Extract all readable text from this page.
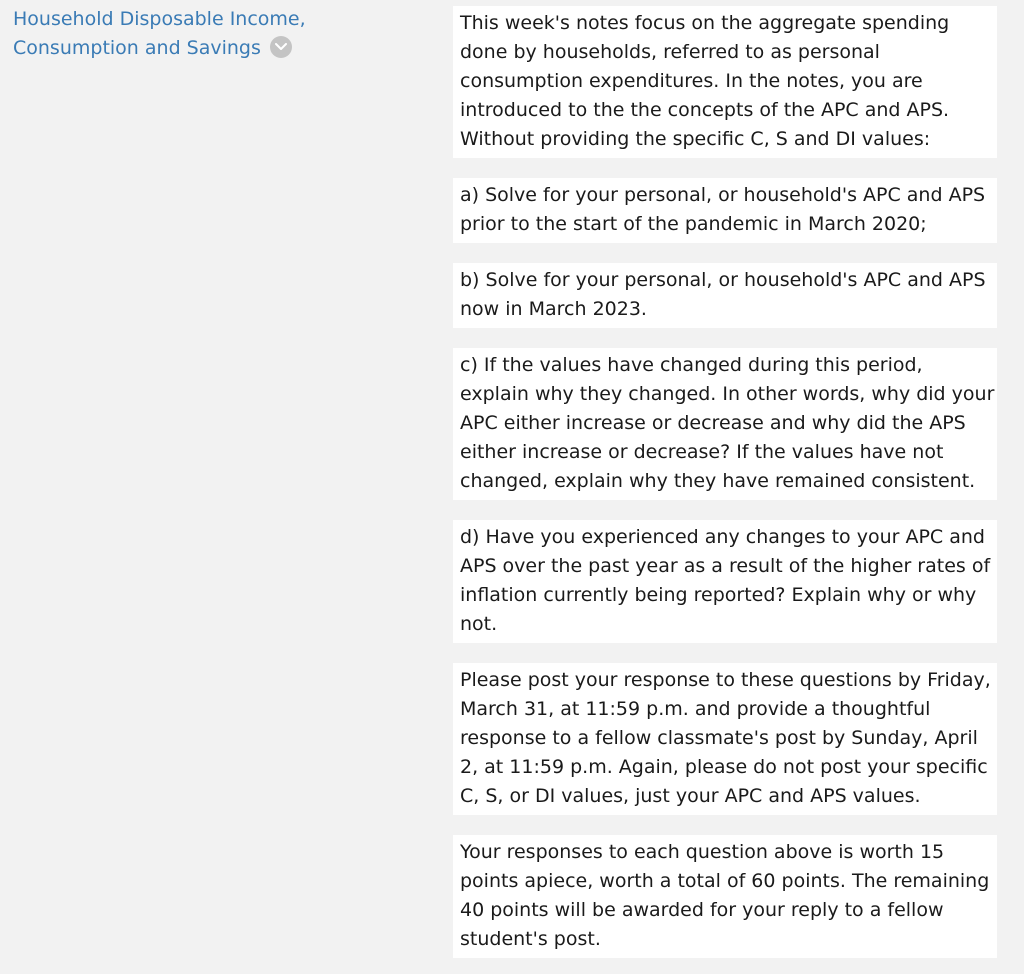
Household Disposable Income, Consumption and Savings
This week's notes focus on the aggregate spending done by households, referred to as personal consumption expenditures. In the notes, you are introduced to the the concepts of the APC and APS. Without providing the specific C, S and DI values:
a) Solve for your personal, or household's APC and APS prior to the start of the pandemic in March 2020;
b) Solve for your personal, or household's APC and APS now in March 2023.
c) If the values have changed during this period, explain why they changed. In other words, why did your APC either increase or decrease and why did the APS either increase or decrease? If the values have not changed, explain why they have remained consistent.
d) Have you experienced any changes to your APC and APS over the past year as a result of the higher rates of inflation currently being reported? Explain why or why not.
Please post your response to these questions by Friday, March 31, at 11:59 p.m. and provide a thoughtful response to a fellow classmate's post by Sunday, April 2, at 11:59 p.m. Again, please do not post your specific C, S, or DI values, just your APC and APS values.
Your responses to each question above is worth 15 points apiece, worth a total of 60 points. The remaining 40 points will be awarded for your reply to a fellow student's post.
